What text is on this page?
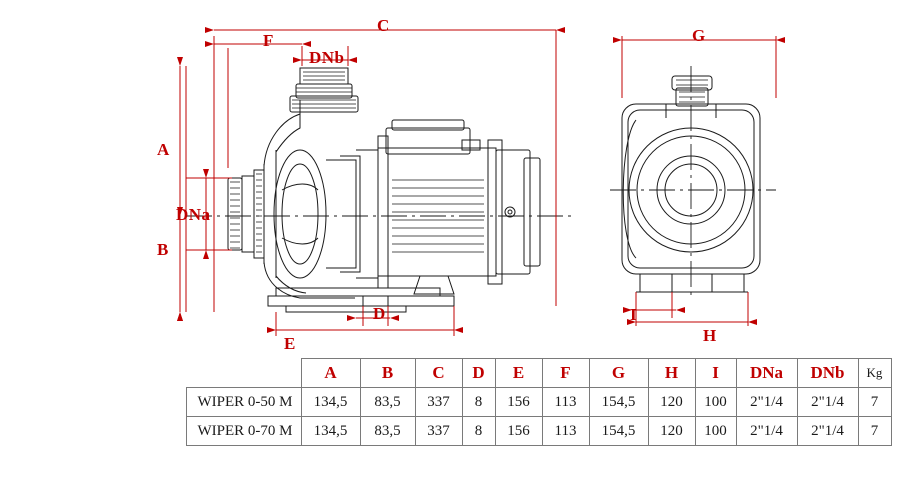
C
F
DNb
A
B
DNa
E
D
G
H
I
	A	B	C	D	E	F	G	H	I	DNa	DNb	Kg
WIPER 0-50 M	134,5	83,5	337	8	156	113	154,5	120	100	2"1/4	2"1/4	7
WIPER 0-70 M	134,5	83,5	337	8	156	113	154,5	120	100	2"1/4	2"1/4	7
